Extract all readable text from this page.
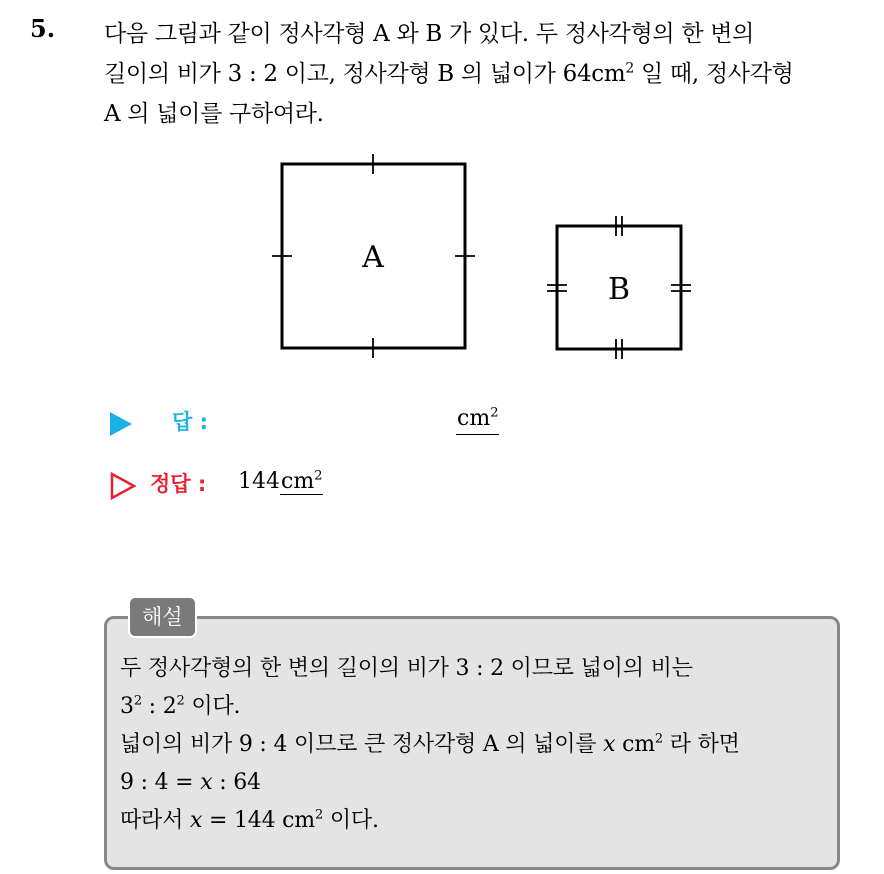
5. 다음 그림과 같이 정사각형 A 와 B 가 있다. 두 정사각형의 한 변의
길이의 비가 3 : 2 이고, 정사각형 B 의 넓이가 $64cm^2$ 일 때, 정사각형
A 의 넓이를 구하여라.
A
B
답 :	$cm^2$
정답 : $144cm^2$
해설
두 정사각형의 한 변의 길이의 비가 3 : 2 이므로 넓이의 비는
$3^2$ : $2^2$ 이다.
넓이의 비가 9 : 4 이므로 큰 정사각형 A 의 넓이를 x $cm^2$ 라 하면
9 : 4 = x : 64
따라서 x = 144 $cm^2$ 이다.
